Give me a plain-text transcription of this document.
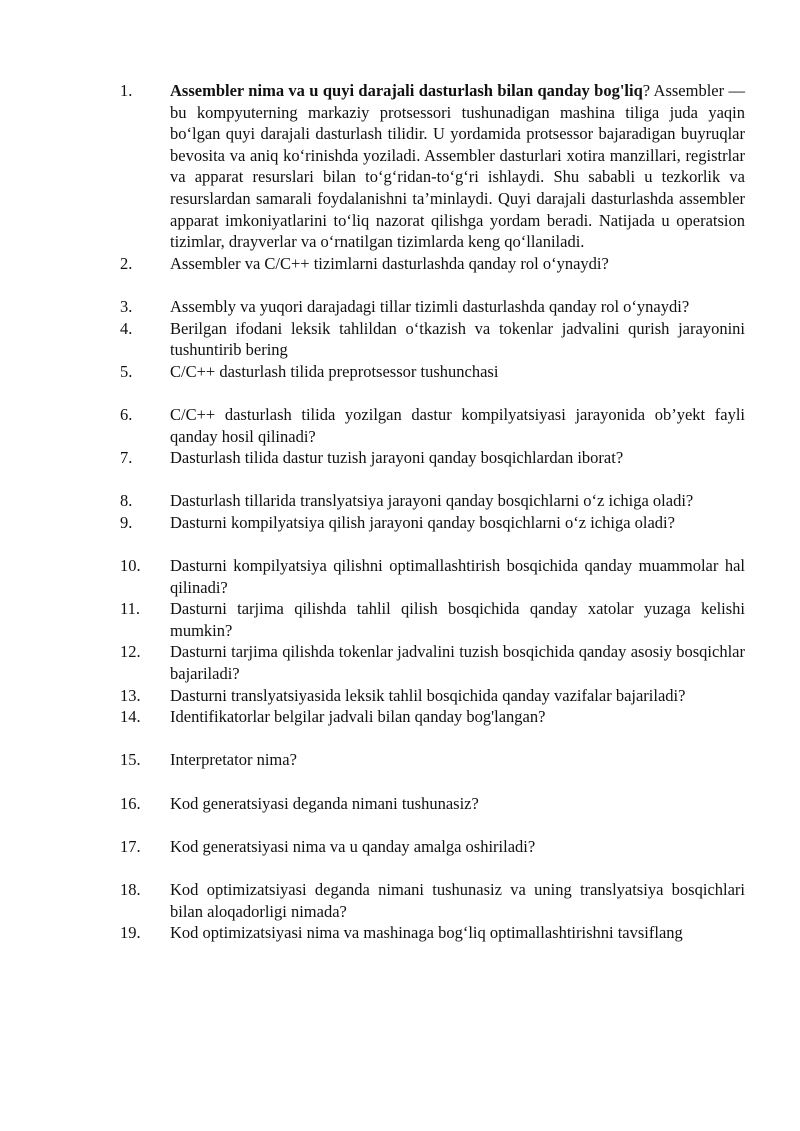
1.	Assembler nima va u quyi darajali dasturlash bilan qanday bog'liq? Assembler — bu kompyuterning markaziy protsessori tushunadigan mashina tiliga juda yaqin bo‘lgan quyi darajali dasturlash tilidir. U yordamida protsessor bajaradigan buyruqlar bevosita va aniq ko‘rinishda yoziladi. Assembler dasturlari xotira manzillari, registrlar va apparat resurslari bilan to‘g‘ridan-to‘g‘ri ishlaydi. Shu sababli u tezkorlik va resurslardan samarali foydalanishni ta’minlaydi. Quyi darajali dasturlashda assembler apparat imkoniyatlarini to‘liq nazorat qilishga yordam beradi. Natijada u operatsion tizimlar, drayverlar va o‘rnatilgan tizimlarda keng qo‘llaniladi.
2.	Assembler va C/C++ tizimlarni dasturlashda qanday rol o‘ynaydi?
3.	Assembly va yuqori darajadagi tillar tizimli dasturlashda qanday rol o‘ynaydi?
4.	Berilgan ifodani leksik tahlildan o‘tkazish va tokenlar jadvalini qurish jarayonini tushuntirib bering
5.	C/C++ dasturlash tilida preprotsessor tushunchasi
6.	C/C++ dasturlash tilida yozilgan dastur kompilyatsiyasi jarayonida ob’yekt fayli qanday hosil qilinadi?
7.	Dasturlash tilida dastur tuzish jarayoni qanday bosqichlardan iborat?
8.	Dasturlash tillarida translyatsiya jarayoni qanday bosqichlarni o‘z ichiga oladi?
9.	Dasturni kompilyatsiya qilish jarayoni qanday bosqichlarni o‘z ichiga oladi?
10.	Dasturni kompilyatsiya qilishni optimallashtirish bosqichida qanday muammolar hal qilinadi?
11.	Dasturni tarjima qilishda tahlil qilish bosqichida qanday xatolar yuzaga kelishi mumkin?
12.	Dasturni tarjima qilishda tokenlar jadvalini tuzish bosqichida qanday asosiy bosqichlar bajariladi?
13.	Dasturni translyatsiyasida leksik tahlil bosqichida qanday vazifalar bajariladi?
14.	Identifikatorlar belgilar jadvali bilan qanday bog'langan?
15.	Interpretator nima?
16.	Kod generatsiyasi deganda nimani tushunasiz?
17.	Kod generatsiyasi nima va u qanday amalga oshiriladi?
18.	Kod optimizatsiyasi deganda nimani tushunasiz va uning translyatsiya bosqichlari bilan aloqadorligi nimada?
19.	Kod optimizatsiyasi nima va mashinaga bog‘liq optimallashtirishni tavsiflang
